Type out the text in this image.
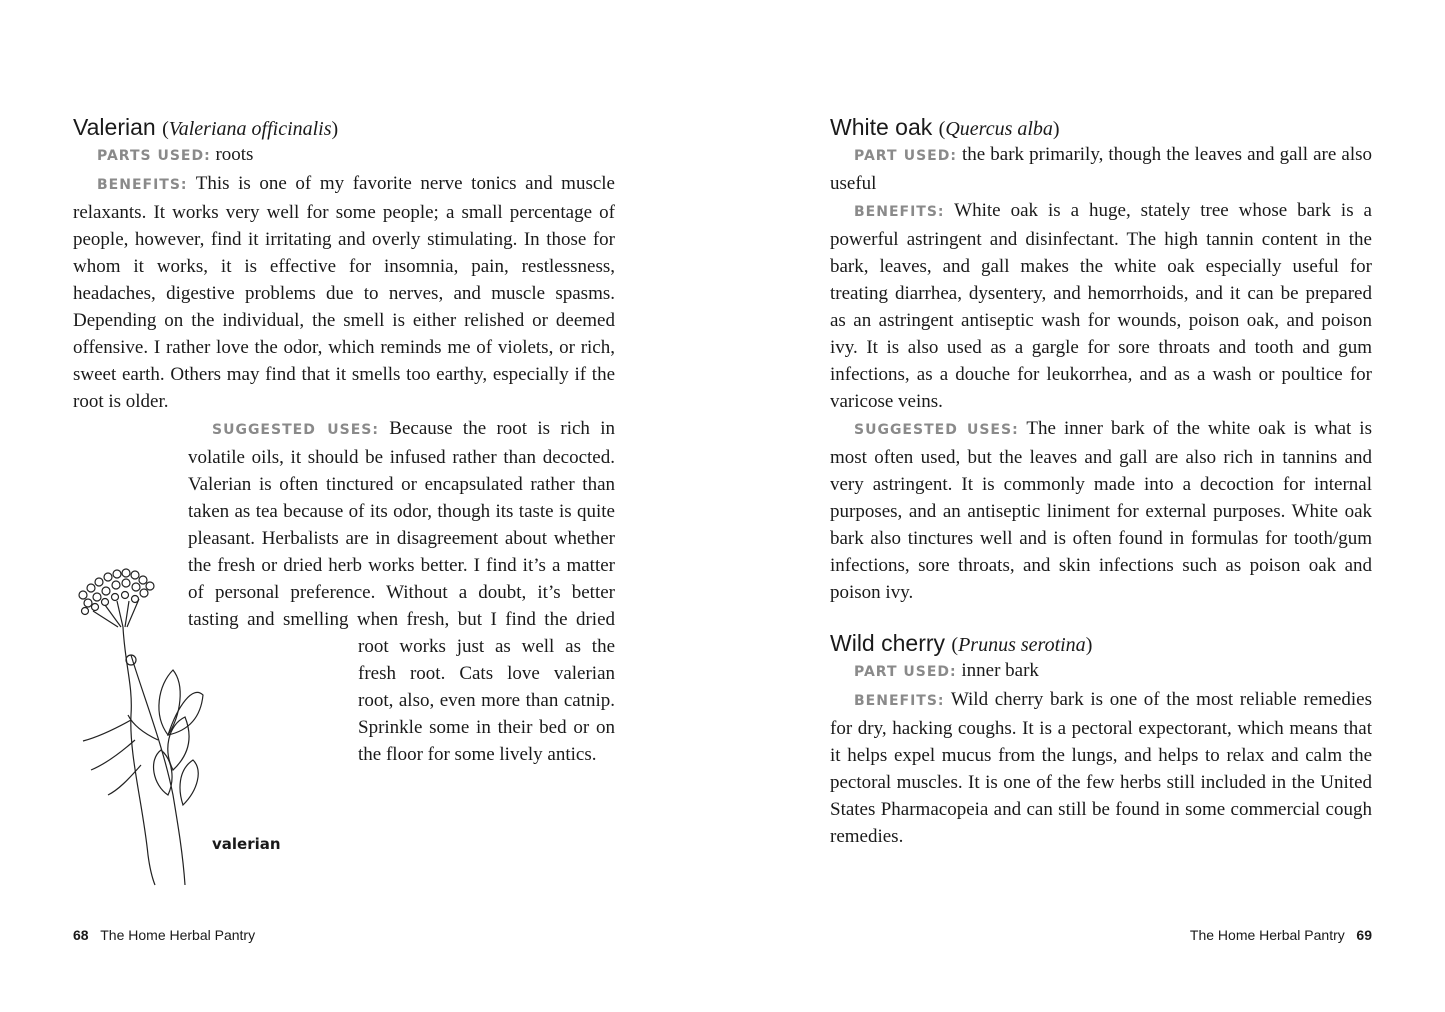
Valerian (Valeriana officinalis)

PARTS USED: roots

BENEFITS: This is one of my favorite nerve tonics and muscle relaxants. It works very well for some people; a small percentage of people, however, find it irritating and overly stimulating. In those for whom it works, it is effective for insomnia, pain, restlessness, headaches, digestive problems due to nerves, and muscle spasms. Depending on the individual, the smell is either relished or deemed offensive. I rather love the odor, which reminds me of violets, or rich, sweet earth. Others may find that it smells too earthy, especially if the root is older.

SUGGESTED USES: Because the root is rich in volatile oils, it should be infused rather than decocted. Valerian is often tinctured or encapsulated rather than taken as tea because of its odor, though its taste is quite pleasant. Herbalists are in disagreement about whether the fresh or dried herb works better. I find it’s a matter of personal preference. Without a doubt, it’s better tasting and smelling when fresh, but I find the dried root works just as well as the fresh root. Cats love valerian root, also, even more than catnip. Sprinkle some in their bed or on the floor for some lively antics.

valerian
68 The Home Herbal Pantry
White oak (Quercus alba)

PART USED: the bark primarily, though the leaves and gall are also useful

BENEFITS: White oak is a huge, stately tree whose bark is a powerful astringent and disinfectant. The high tannin content in the bark, leaves, and gall makes the white oak especially useful for treating diarrhea, dysentery, and hemorrhoids, and it can be prepared as an astringent antiseptic wash for wounds, poison oak, and poison ivy. It is also used as a gargle for sore throats and tooth and gum infections, as a douche for leukorrhea, and as a wash or poultice for varicose veins.

SUGGESTED USES: The inner bark of the white oak is what is most often used, but the leaves and gall are also rich in tannins and very astringent. It is commonly made into a decoction for internal purposes, and an antiseptic liniment for external purposes. White oak bark also tinctures well and is often found in formulas for tooth/gum infections, sore throats, and skin infections such as poison oak and poison ivy.

Wild cherry (Prunus serotina)

PART USED: inner bark

BENEFITS: Wild cherry bark is one of the most reliable remedies for dry, hacking coughs. It is a pectoral expectorant, which means that it helps expel mucus from the lungs, and helps to relax and calm the pectoral muscles. It is one of the few herbs still included in the United States Pharmacopeia and can still be found in some commercial cough remedies.

The Home Herbal Pantry 69
